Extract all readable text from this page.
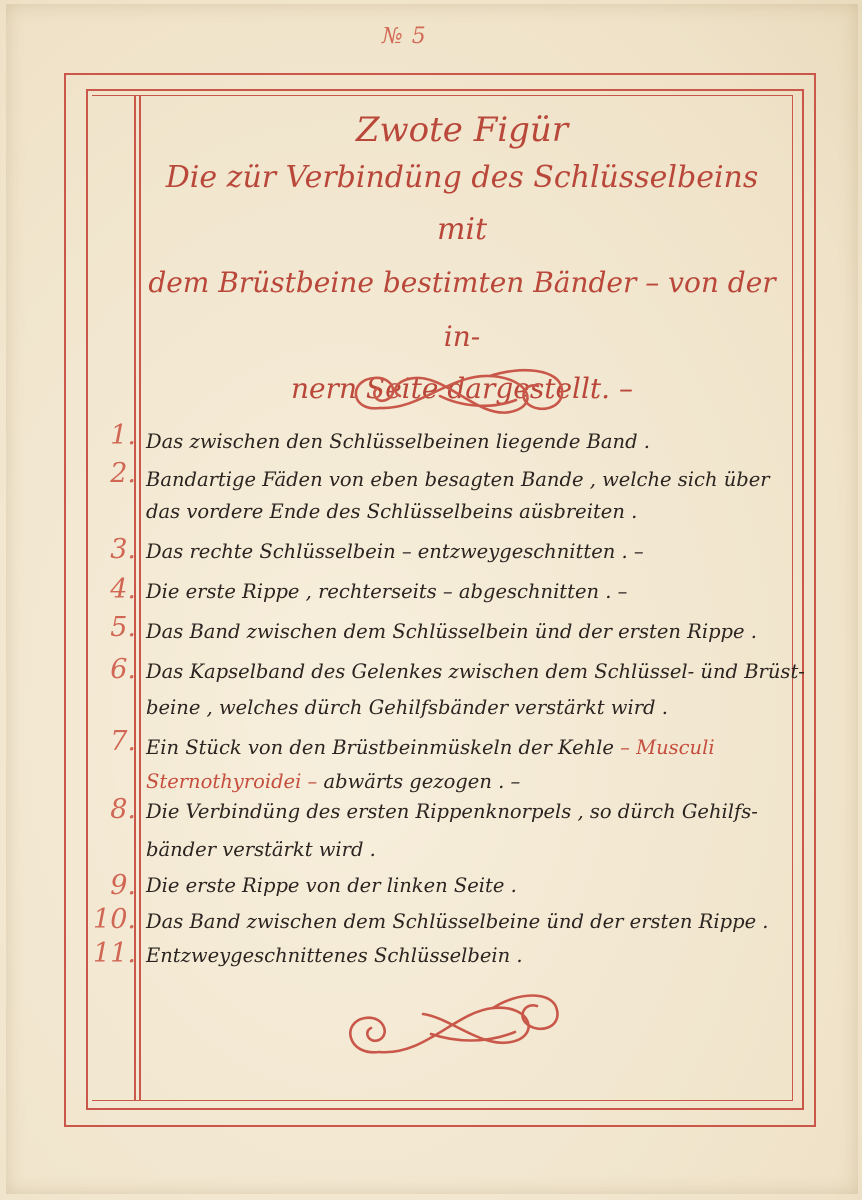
№ 5
Zwote Figür
Die zür Verbindüng des Schlüsselbeins mit
dem Brüstbeine bestimten Bänder – von der in-
nern Seite dargestellt. –
1. Das zwischen den Schlüsselbeinen liegende Band .
2. Bandartige Fäden von eben besagten Bande , welche sich über
das vordere Ende des Schlüsselbeins aüsbreiten .
3. Das rechte Schlüsselbein – entzweygeschnitten . –
4. Die erste Rippe , rechterseits – abgeschnitten . –
5. Das Band zwischen dem Schlüsselbein ünd der ersten Rippe .
6. Das Kapselband des Gelenkes zwischen dem Schlüssel- ünd Brüst-
beine , welches dürch Gehilfsbänder verstärkt wird .
7. Ein Stück von den Brüstbeinmüskeln der Kehle – Musculi
Sternothyroidei – abwärts gezogen . –
8. Die Verbindüng des ersten Rippenknorpels , so dürch Gehilfs-
bänder verstärkt wird .
9. Die erste Rippe von der linken Seite .
10. Das Band zwischen dem Schlüsselbeine ünd der ersten Rippe .
11. Entzweygeschnittenes Schlüsselbein .
